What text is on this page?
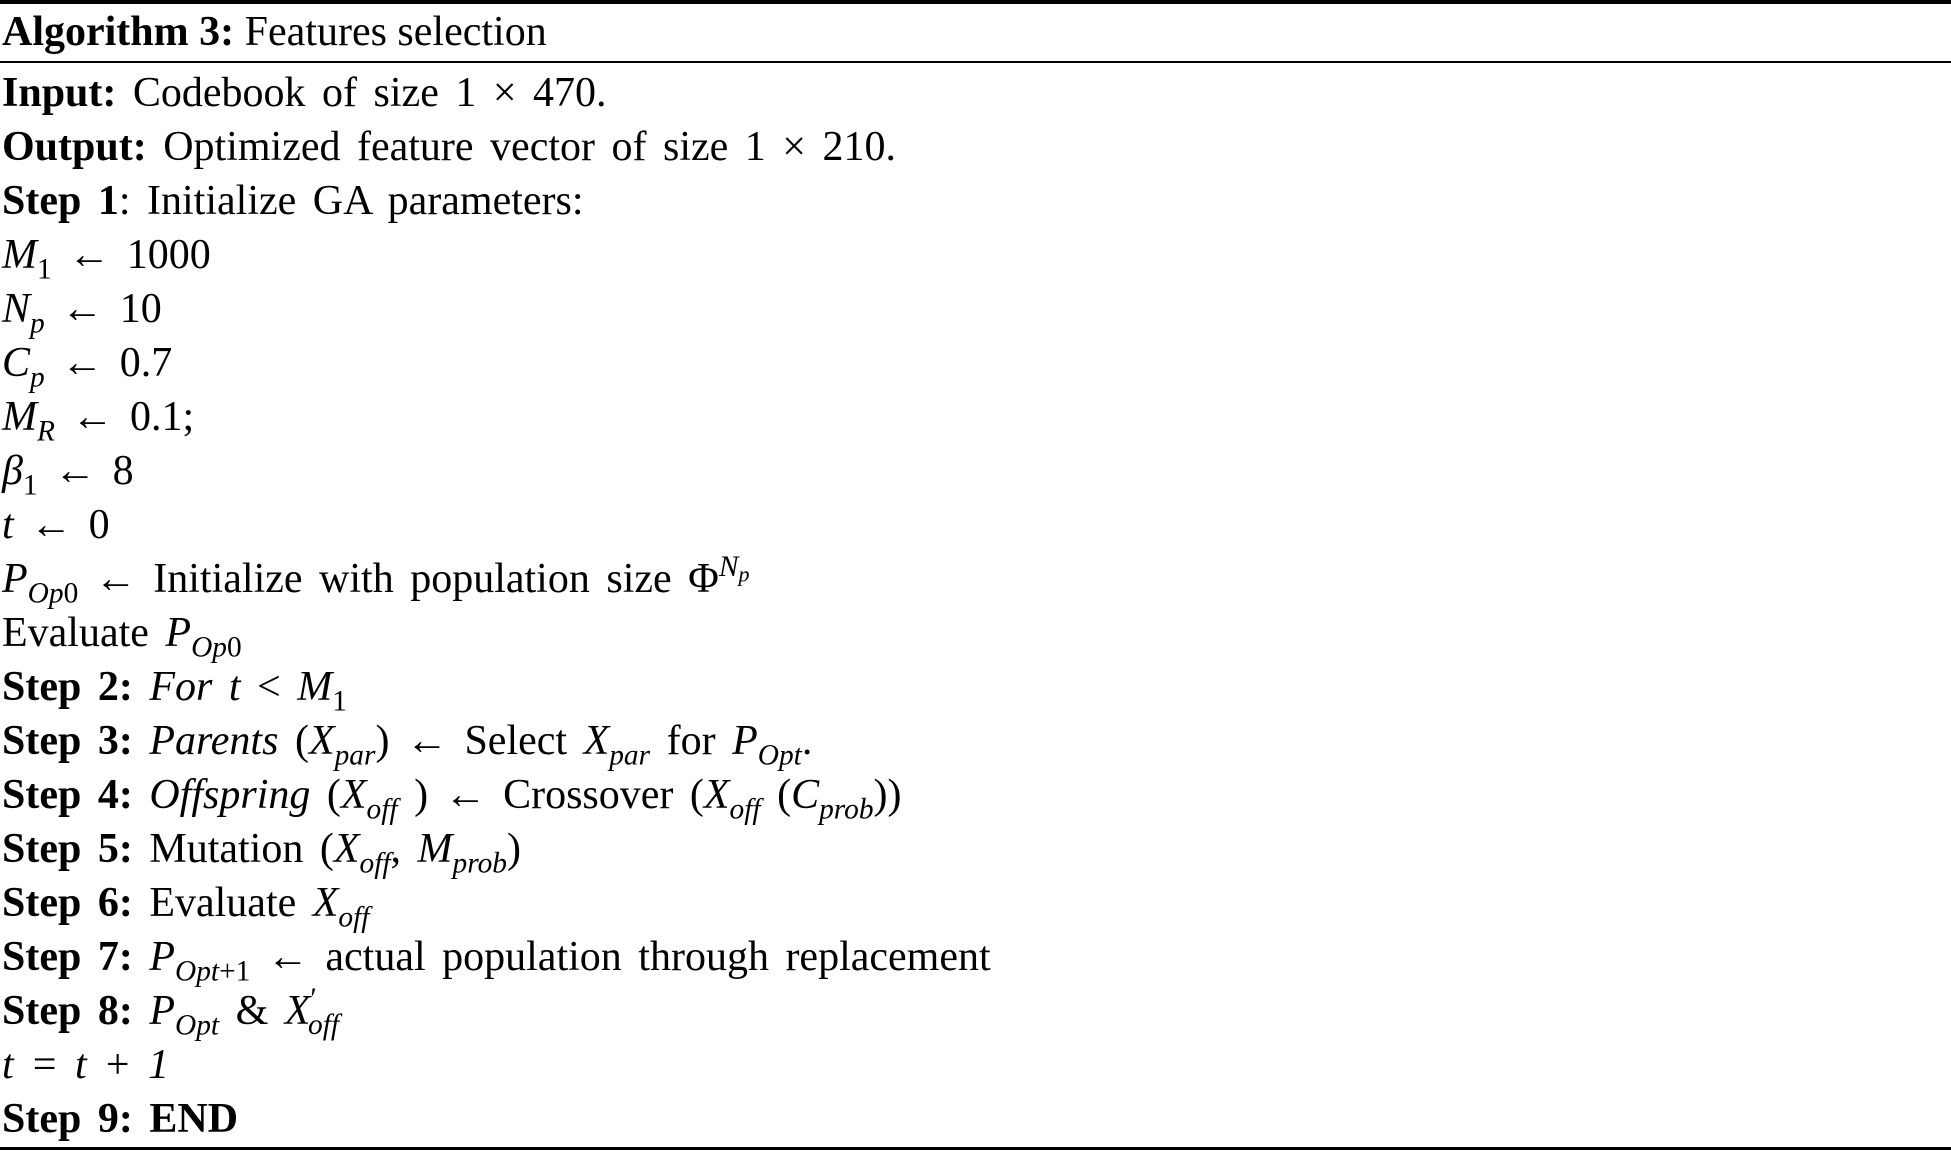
Algorithm 3: Features selection
Input: Codebook of size 1 × 470.
Output: Optimized feature vector of size 1 × 210.
Step 1: Initialize GA parameters:
$M_1$ ← 1000
$N_p$ ← 10
$C_p$ ← 0.7
$M_R$ ← 0.1;
$\beta_1$ ← 8
t ← 0
$P_{Op0}$ ← Initialize with population size $\Phi^{N_p}$
Evaluate $P_{Op0}$
Step 2: For $t < M_1$
Step 3: Parents $(X_{par})$ ← Select $X_{par}$ for $P_{Opt}$.
Step 4: Offspring ($X_{off}$ ) ← Crossover ($X_{off}$ $(C_{prob})$)
Step 5: Mutation ($X_{off}$, $M_{prob}$)
Step 6: Evaluate $X_{off}$
Step 7: $P_{Opt+1}$ ← actual population through replacement
Step 8: $P_{Opt}$ & $X'_{off}$
t = t + 1
Step 9: END
